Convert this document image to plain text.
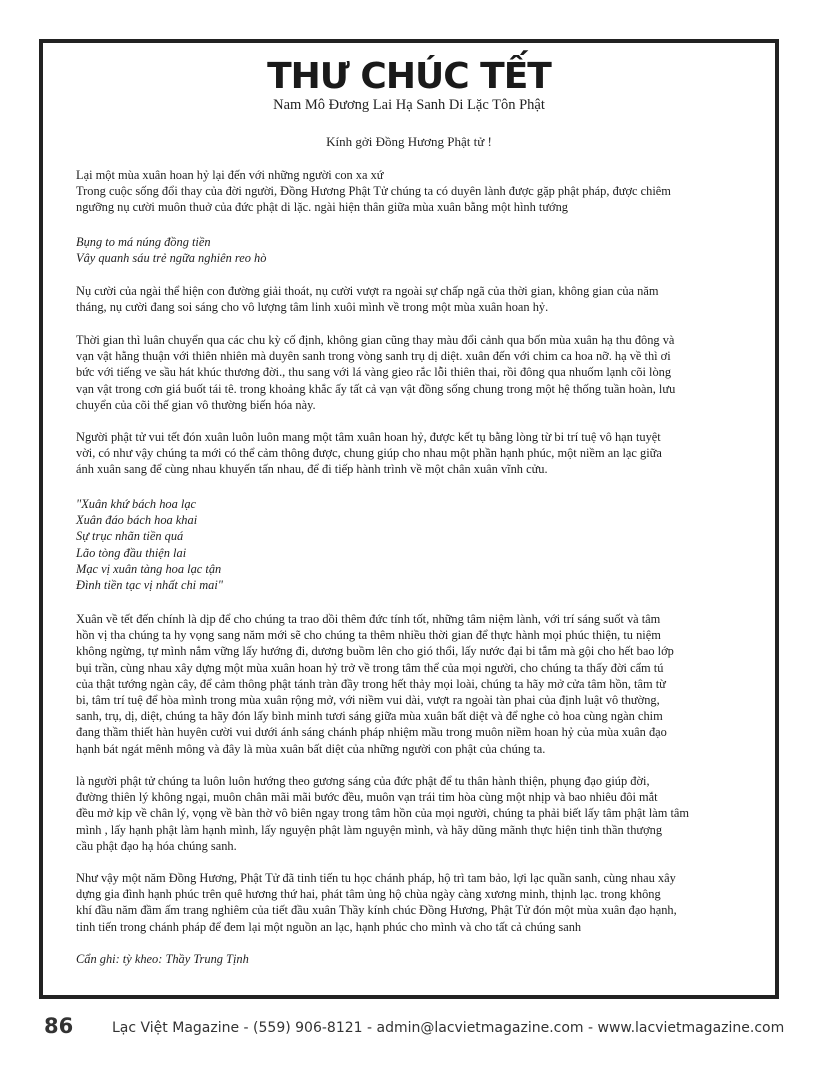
THƯ CHÚC TẾT

Nam Mô Đương Lai Hạ Sanh Di Lặc Tôn Phật

Kính gởi Đồng Hương Phật tử !

Lại một mùa xuân hoan hỷ lại đến với những người con xa xứ
Trong cuộc sống đổi thay của đời người, Đồng Hương Phật Tử chúng ta có duyên lành được gặp phật pháp, được chiêm
ngưỡng nụ cười muôn thuở của đức phật di lặc. ngài hiện thân giữa mùa xuân bằng một hình tướng

Bụng to má núng đồng tiền
Vây quanh sáu trẻ ngữa nghiên reo hò

Nụ cười của ngài thể hiện con đường giải thoát, nụ cười vượt ra ngoài sự chấp ngã của thời gian, không gian của năm
tháng, nụ cười đang soi sáng cho vô lượng tâm linh xuôi mình về trong một mùa xuân hoan hỷ.

Thời gian thì luân chuyển qua các chu kỳ cố định, không gian cũng thay màu đổi cảnh qua bốn mùa xuân hạ thu đông và
vạn vật hằng thuận với thiên nhiên mà duyên sanh trong vòng sanh trụ dị diệt. xuân đến với chim ca hoa nỡ. hạ về thì ơi
bức với tiếng ve sầu hát khúc thương đời., thu sang với lá vàng gieo rắc lỗi thiên thai, rồi đông qua nhuốm lạnh cõi lòng
vạn vật trong cơn giá buốt tái tê. trong khoảng khắc ấy tất cả vạn vật đồng sống chung trong một hệ thống tuần hoàn, lưu
chuyển của cõi thế gian vô thường biến hóa này.

Người phật tử vui tết đón xuân luôn luôn mang một tâm xuân hoan hỷ, được kết tụ bằng lòng từ bi trí tuệ vô hạn tuyệt
vời, có như vậy chúng ta mới có thể cảm thông được, chung giúp cho nhau một phần hạnh phúc, một niềm an lạc giữa
ánh xuân sang để cùng nhau khuyến tấn nhau, để đi tiếp hành trình về một chân xuân vĩnh cửu.

"Xuân khứ bách hoa lạc
Xuân đáo bách hoa khai
Sự trục nhãn tiền quá
Lão tòng đầu thiện lai
Mạc vị xuân tàng hoa lạc tận
Đình tiền tạc vị nhất chi mai"

Xuân về tết đến chính là dịp để cho chúng ta trao dồi thêm đức tính tốt, những tâm niệm lành, với trí sáng suốt và tâm
hồn vị tha chúng ta hy vọng sang năm mới sẽ cho chúng ta thêm nhiều thời gian để thực hành mọi phúc thiện, tu niệm
không ngừng, tự mình nắm vững lấy hướng đi, dương buồm lên cho gió thổi, lấy nước đại bi tắm mà gội cho hết bao lớp
bụi trần, cùng nhau xây dựng một mùa xuân hoan hỷ trở về trong tâm thể của mọi người, cho chúng ta thấy đời cẩm tú
của thật tướng ngàn cây, để cảm thông phật tánh tràn đầy trong hết thảy mọi loài, chúng ta hãy mở cửa tâm hồn, tâm từ
bi, tâm trí tuệ để hòa mình trong mùa xuân rộng mở, với niềm vui dài, vượt ra ngoài tàn phai của định luật vô thường,
sanh, trụ, dị, diệt, chúng ta hãy đón lấy bình minh tươi sáng giữa mùa xuân bất diệt và để nghe cỏ hoa cùng ngàn chim
đang thầm thiết hàn huyên cười vui dưới ánh sáng chánh pháp nhiệm mầu trong muôn niềm hoan hỷ của mùa xuân đạo
hạnh bát ngát mênh mông và đây là mùa xuân bất diệt của những người con phật của chúng ta.

là người phật tử chúng ta luôn luôn hướng theo gương sáng của đức phật để tu thân hành thiện, phụng đạo giúp đời,
đường thiên lý không ngại, muôn chân mãi mãi bước đều, muôn vạn trái tim hòa cùng một nhịp và bao nhiêu đôi mắt
đều mở kịp về chân lý, vọng về bàn thờ vô biên ngay trong tâm hồn của mọi người, chúng ta phải biết lấy tâm phật làm tâm
mình , lấy hạnh phật làm hạnh mình, lấy nguyện phật làm nguyện mình, và hãy dũng mãnh thực hiện tinh thần thượng
cầu phật đạo hạ hóa chúng sanh.

Như vậy một năm Đồng Hương, Phật Tử đã tinh tiến tu học chánh pháp, hộ trì tam bảo, lợi lạc quần sanh, cùng nhau xây
dựng gia đình hạnh phúc trên quê hương thứ hai, phát tâm ủng hộ chùa ngày càng xương minh, thịnh lạc. trong không
khí đầu năm đầm ấm trang nghiêm của tiết đầu xuân Thầy kính chúc Đồng Hương, Phật Tử đón một mùa xuân đạo hạnh,
tinh tiến trong chánh pháp để đem lại một nguồn an lạc, hạnh phúc cho mình và cho tất cả chúng sanh

Cẩn ghi: tỳ kheo: Thầy Trung Tịnh

86	Lạc Việt Magazine - (559) 906-8121 - admin@lacvietmagazine.com - www.lacvietmagazine.com
